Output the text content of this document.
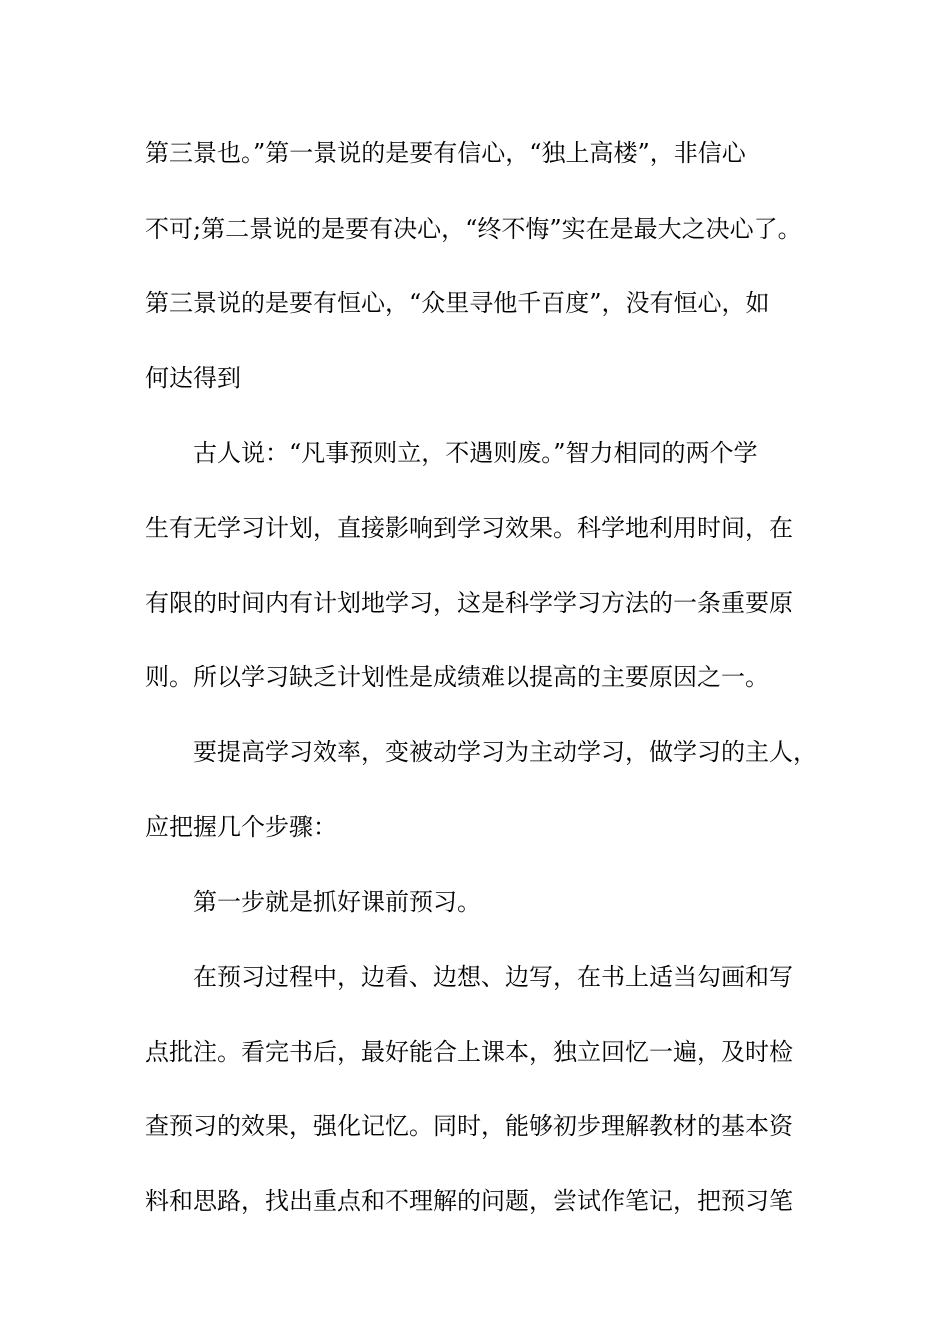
第三景也。”第一景说的是要有信心，“独上高楼”，非信心
不可;第二景说的是要有决心，“终不悔”实在是最大之决心了。
第三景说的是要有恒心，“众里寻他千百度”，没有恒心，如
何达得到
古人说：“凡事预则立，不遇则废。”智力相同的两个学
生有无学习计划，直接影响到学习效果。科学地利用时间，在
有限的时间内有计划地学习，这是科学学习方法的一条重要原
则。所以学习缺乏计划性是成绩难以提高的主要原因之一。
要提高学习效率，变被动学习为主动学习，做学习的主人，
应把握几个步骤：
第一步就是抓好课前预习。
在预习过程中，边看、边想、边写，在书上适当勾画和写
点批注。看完书后，最好能合上课本，独立回忆一遍，及时检
查预习的效果，强化记忆。同时，能够初步理解教材的基本资
料和思路，找出重点和不理解的问题，尝试作笔记，把预习笔
